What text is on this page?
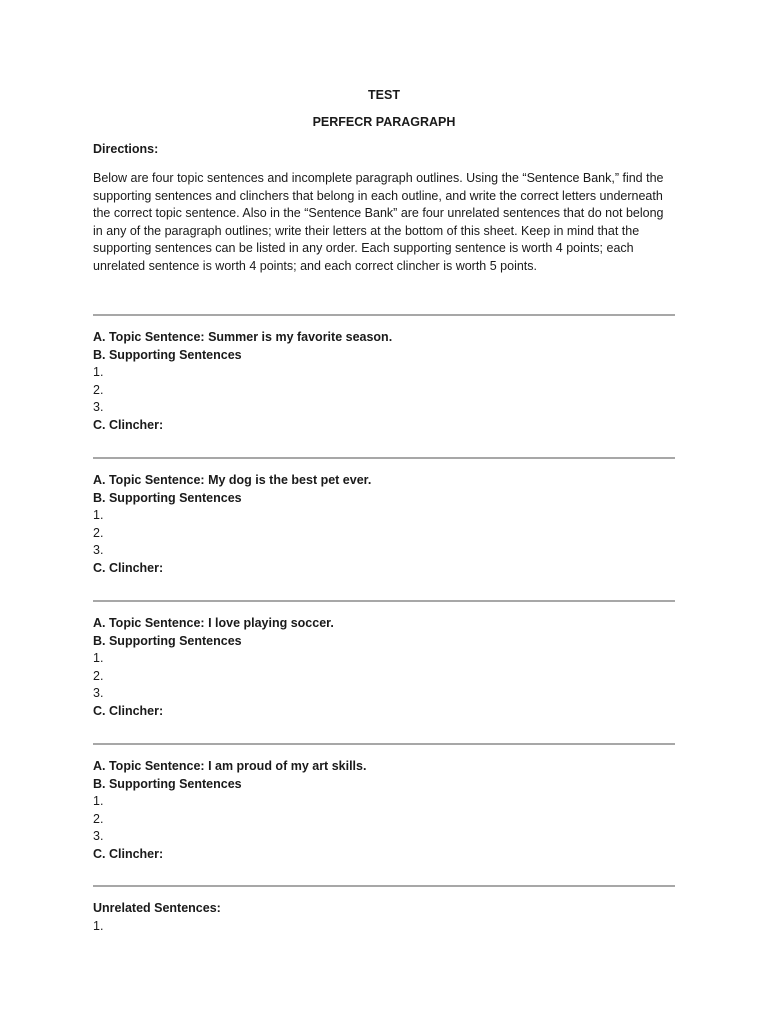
TEST
PERFECR PARAGRAPH
Directions:
Below are four topic sentences and incomplete paragraph outlines. Using the “Sentence Bank,” find the supporting sentences and clinchers that belong in each outline, and write the correct letters underneath the correct topic sentence. Also in the “Sentence Bank” are four unrelated sentences that do not belong in any of the paragraph outlines; write their letters at the bottom of this sheet. Keep in mind that the supporting sentences can be listed in any order. Each supporting sentence is worth 4 points; each unrelated sentence is worth 4 points; and each correct clincher is worth 5 points.
A. Topic Sentence: Summer is my favorite season.
B. Supporting Sentences
1.
2.
3.
C. Clincher:
A. Topic Sentence: My dog is the best pet ever.
B. Supporting Sentences
1.
2.
3.
C. Clincher:
A. Topic Sentence: I love playing soccer.
B. Supporting Sentences
1.
2.
3.
C. Clincher:
A. Topic Sentence: I am proud of my art skills.
B. Supporting Sentences
1.
2.
3.
C. Clincher:
Unrelated Sentences:
1.
